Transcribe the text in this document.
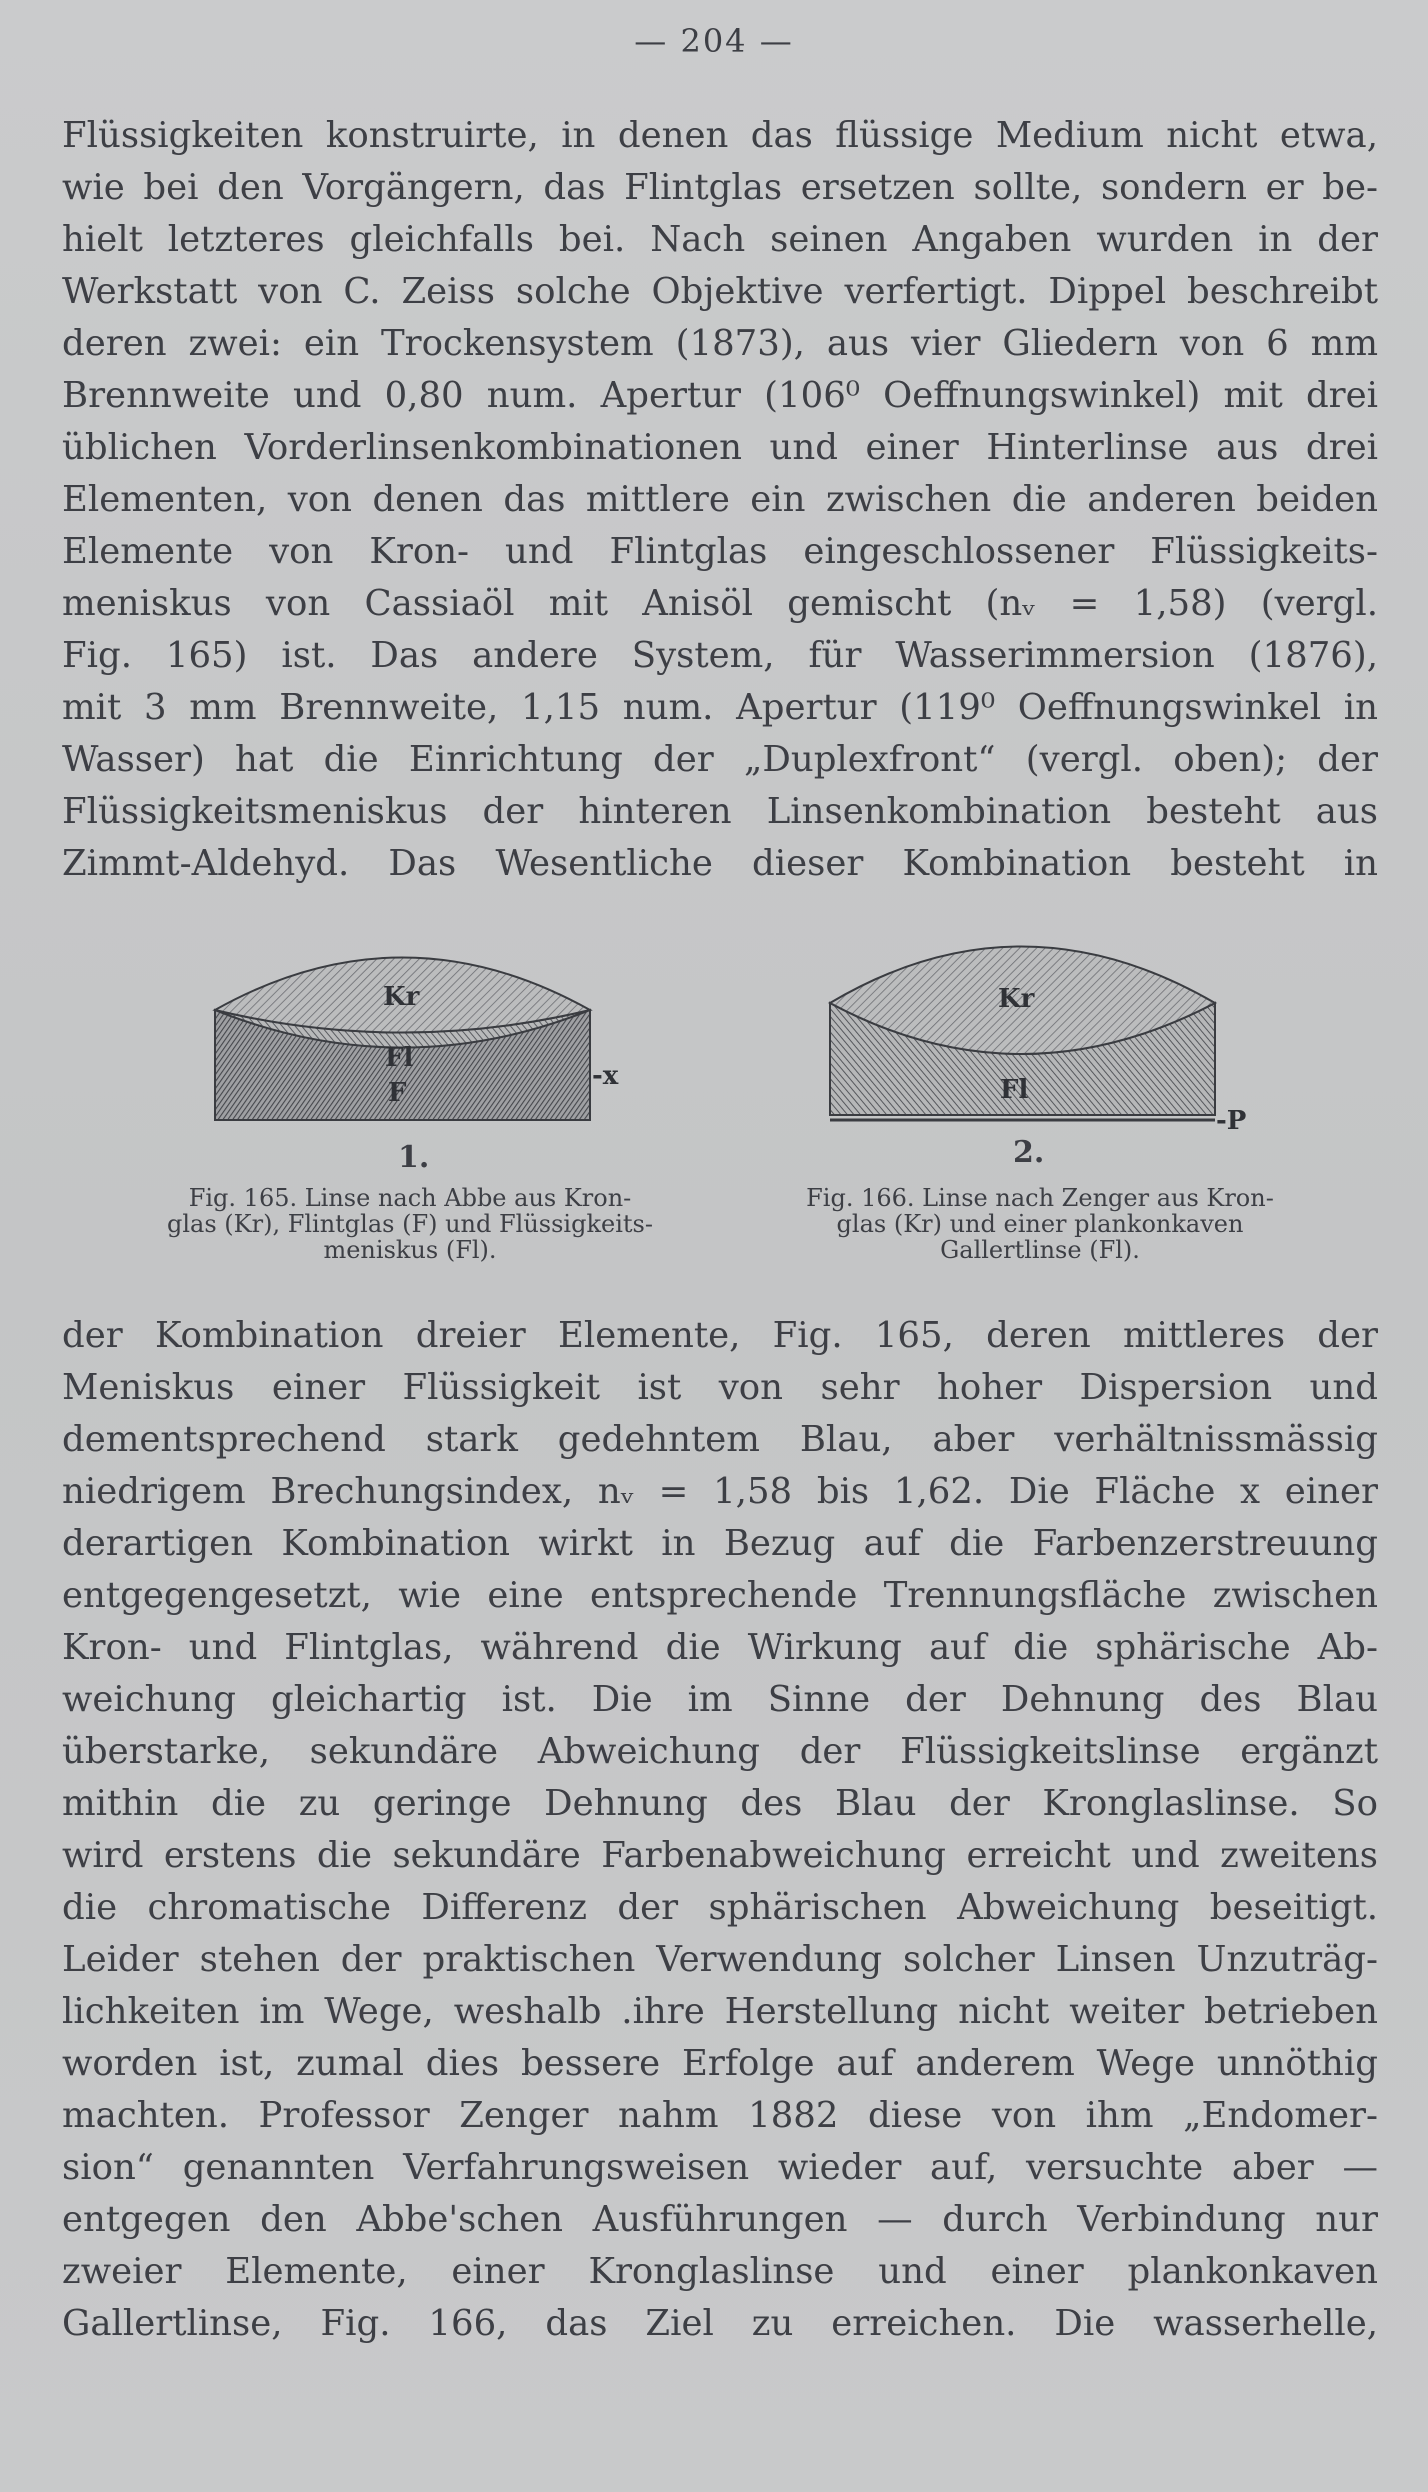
— 204 —
Flüssigkeiten konstruirte, in denen das flüssige Medium nicht etwa,
wie bei den Vorgängern, das Flintglas ersetzen sollte, sondern er be-
hielt letzteres gleichfalls bei. Nach seinen Angaben wurden in der
Werkstatt von C. Zeiss solche Objektive verfertigt. Dippel beschreibt
deren zwei: ein Trockensystem (1873), aus vier Gliedern von 6 mm
Brennweite und 0,80 num. Apertur (106⁰ Oeffnungswinkel) mit drei
üblichen Vorderlinsenkombinationen und einer Hinterlinse aus drei
Elementen, von denen das mittlere ein zwischen die anderen beiden
Elemente von Kron- und Flintglas eingeschlossener Flüssigkeits-
meniskus von Cassiaöl mit Anisöl gemischt (nᵥ = 1,58) (vergl.
Fig. 165) ist. Das andere System, für Wasserimmersion (1876),
mit 3 mm Brennweite, 1,15 num. Apertur (119⁰ Oeffnungswinkel in
Wasser) hat die Einrichtung der „Duplexfront“ (vergl. oben); der
Flüssigkeitsmeniskus der hinteren Linsenkombination besteht aus
Zimmt-Aldehyd. Das Wesentliche dieser Kombination besteht in
Kr
Fl
F
-x
1.
Fig. 165. Linse nach Abbe aus Kron-
glas (Kr), Flintglas (F) und Flüssigkeits-
meniskus (Fl).
Kr
Fl
-P
2.
Fig. 166. Linse nach Zenger aus Kron-
glas (Kr) und einer plankonkaven
Gallertlinse (Fl).
der Kombination dreier Elemente, Fig. 165, deren mittleres der
Meniskus einer Flüssigkeit ist von sehr hoher Dispersion und
dementsprechend stark gedehntem Blau, aber verhältnissmässig
niedrigem Brechungsindex, nᵥ = 1,58 bis 1,62. Die Fläche x einer
derartigen Kombination wirkt in Bezug auf die Farbenzerstreuung
entgegengesetzt, wie eine entsprechende Trennungsfläche zwischen
Kron- und Flintglas, während die Wirkung auf die sphärische Ab-
weichung gleichartig ist. Die im Sinne der Dehnung des Blau
überstarke, sekundäre Abweichung der Flüssigkeitslinse ergänzt
mithin die zu geringe Dehnung des Blau der Kronglaslinse. So
wird erstens die sekundäre Farbenabweichung erreicht und zweitens
die chromatische Differenz der sphärischen Abweichung beseitigt.
Leider stehen der praktischen Verwendung solcher Linsen Unzuträg-
lichkeiten im Wege, weshalb .ihre Herstellung nicht weiter betrieben
worden ist, zumal dies bessere Erfolge auf anderem Wege unnöthig
machten. Professor Zenger nahm 1882 diese von ihm „Endomer-
sion“ genannten Verfahrungsweisen wieder auf, versuchte aber —
entgegen den Abbe'schen Ausführungen — durch Verbindung nur
zweier Elemente, einer Kronglaslinse und einer plankonkaven
Gallertlinse, Fig. 166, das Ziel zu erreichen. Die wasserhelle,
